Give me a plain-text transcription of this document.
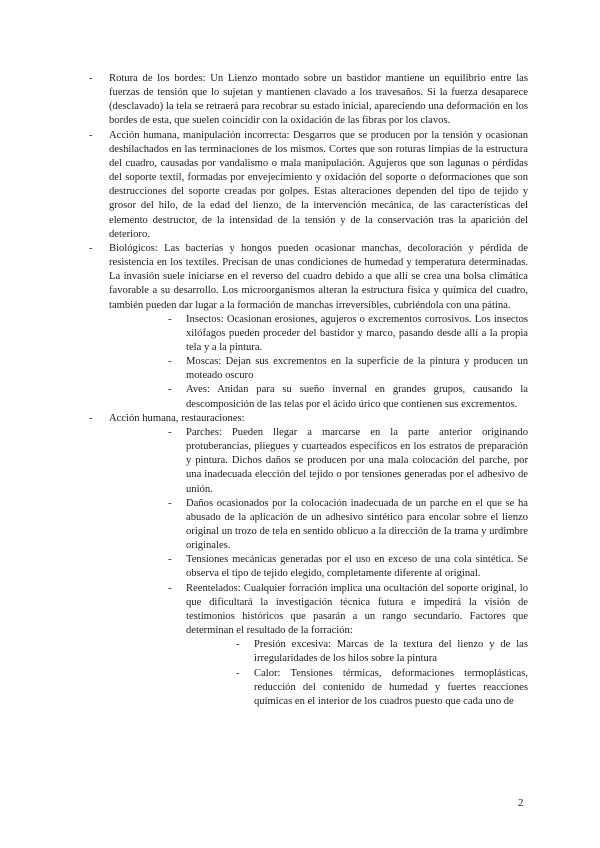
- Rotura de los bordes: Un Lienzo montado sobre un bastidor mantiene un equilibrio entre las fuerzas de tensión que lo sujetan y mantienen clavado a los travesaños. Si la fuerza desaparece (desclavado) la tela se retraerá para recobrar su estado inicial, apareciendo una deformación en los bordes de esta, que suelen coincidir con la oxidación de las fibras por los clavos.
- Acción humana, manipulación incorrecta: Desgarros que se producen por la tensión y ocasionan deshilachados en las terminaciones de los mismos. Cortes que son roturas limpias de la estructura del cuadro, causadas por vandalismo o mala manipulación. Agujeros que son lagunas o pérdidas del soporte textil, formadas por envejecimiento y oxidación del soporte o deformaciones que son destrucciones del soporte creadas por golpes. Estas alteraciones dependen del tipo de tejido y grosor del hilo, de la edad del lienzo, de la intervención mecánica, de las características del elemento destructor, de la intensidad de la tensión y de la conservación tras la aparición del deterioro.
- Biológicos: Las bacterias y hongos pueden ocasionar manchas, decoloración y pérdida de resistencia en los textiles. Precisan de unas condiciones de humedad y temperatura determinadas. La invasión suele iniciarse en el reverso del cuadro debido a que allí se crea una bolsa climática favorable a su desarrollo. Los microorganismos alteran la estructura física y química del cuadro, también pueden dar lugar a la formación de manchas irreversibles, cubriéndola con una pátina.
- Insectos: Ocasionan erosiones, agujeros o excrementos corrosivos. Los insectos xilófagos pueden proceder del bastidor y marco, pasando desde allí a la propia tela y a la pintura.
- Moscas: Dejan sus excrementos en la superficie de la pintura y producen un moteado oscuro
- Aves: Anidan para su sueño invernal en grandes grupos, causando la descomposición de las telas por el ácido úrico que contienen sus excrementos.
- Acción humana, restauraciones:
- Parches: Pueden llegar a marcarse en la parte anterior originando protuberancias, pliegues y cuarteados específicos en los estratos de preparación y pintura. Dichos daños se producen por una mala colocación del parche, por una inadecuada elección del tejido o por tensiones generadas por el adhesivo de unión.
- Daños ocasionados por la colocación inadecuada de un parche en el que se ha abusado de la aplicación de un adhesivo sintético para encolar sobre el lienzo original un trozo de tela en sentido oblicuo a la dirección de la trama y urdimbre originales.
- Tensiones mecánicas generadas por el uso en exceso de una cola sintética. Se observa el tipo de tejido elegido, completamente diferente al original.
- Reentelados: Cualquier forración implica una ocultación del soporte original, lo que dificultará la investigación técnica futura e impedirá la visión de testimonios históricos que pasarán a un rango secundario. Factores que determinan el resultado de la forración:
- Presión excesiva: Marcas de la textura del lienzo y de las irregularidades de los hilos sobre la pintura
- Calor: Tensiones térmicas, deformaciones termoplásticas, reducción del contenido de humedad y fuertes reacciones químicas en el interior de los cuadros puesto que cada uno de
2
